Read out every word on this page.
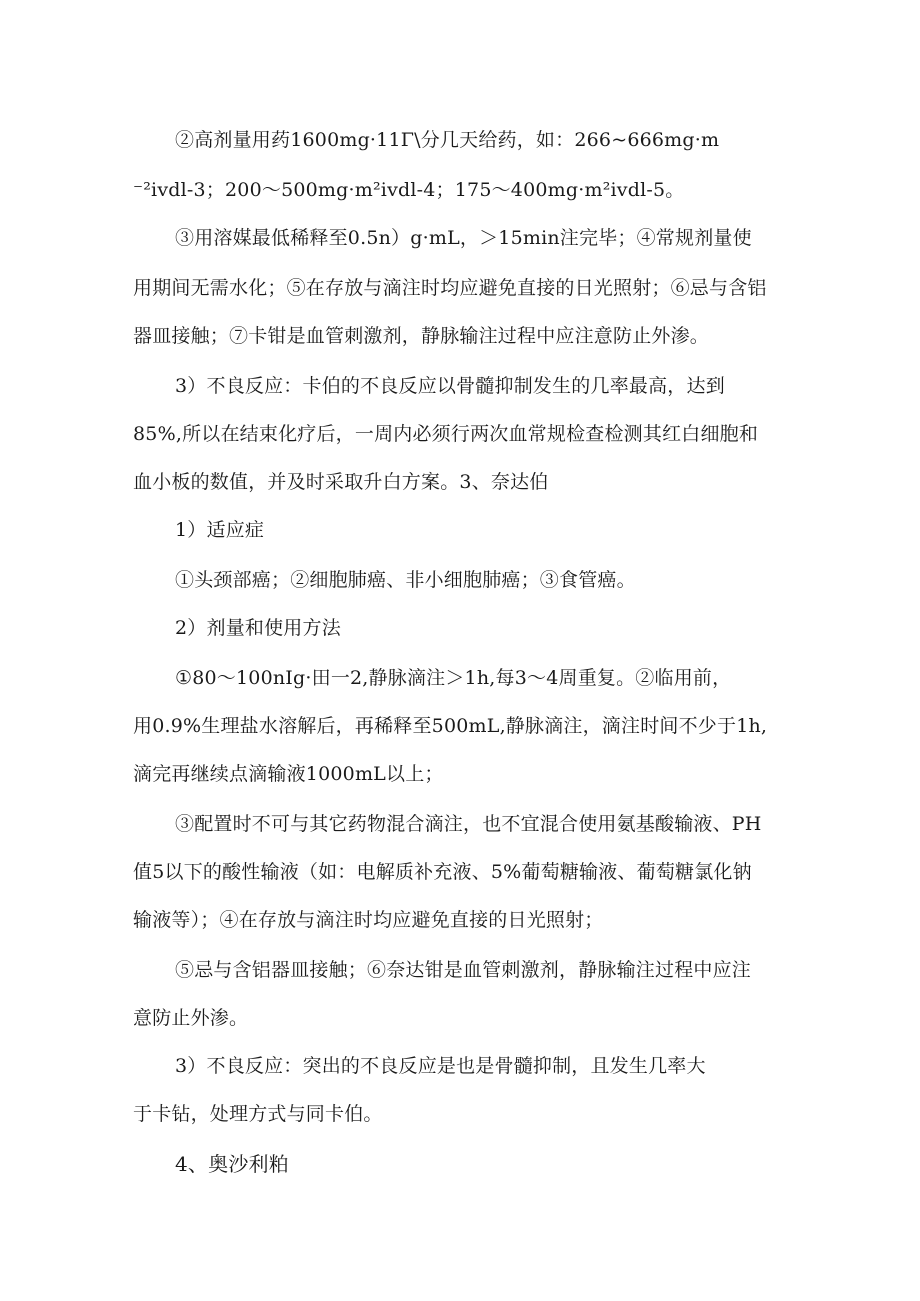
②高剂量用药1600mg·11Γ\分几天给药，如：266~666mg·m
⁻²ivdl-3；200～500mg·m²ivdl-4；175～400mg·m²ivdl-5。
③用溶媒最低稀释至0.5n）g·mL，＞15min注完毕；④常规剂量使
用期间无需水化；⑤在存放与滴注时均应避免直接的日光照射；⑥忌与含铝
器皿接触；⑦卡钳是血管刺激剂，静脉输注过程中应注意防止外渗。
3）不良反应：卡伯的不良反应以骨髓抑制发生的几率最高，达到
85%,所以在结束化疗后，一周内必须行两次血常规检查检测其红白细胞和
血小板的数值，并及时采取升白方案。3、奈达伯
1）适应症
①头颈部癌；②细胞肺癌、非小细胞肺癌；③食管癌。
2）剂量和使用方法
①80～100nIg·田一2,静脉滴注＞1h,每3～4周重复。②临用前，
用0.9%生理盐水溶解后，再稀释至500mL,静脉滴注，滴注时间不少于1h,
滴完再继续点滴输液1000mL以上；
③配置时不可与其它药物混合滴注，也不宜混合使用氨基酸输液、PH
值5以下的酸性输液（如：电解质补充液、5%葡萄糖输液、葡萄糖氯化钠
输液等）；④在存放与滴注时均应避免直接的日光照射；
⑤忌与含铝器皿接触；⑥奈达钳是血管刺激剂，静脉输注过程中应注
意防止外渗。
3）不良反应：突出的不良反应是也是骨髓抑制，且发生几率大
于卡钻，处理方式与同卡伯。
4、奥沙利粕
